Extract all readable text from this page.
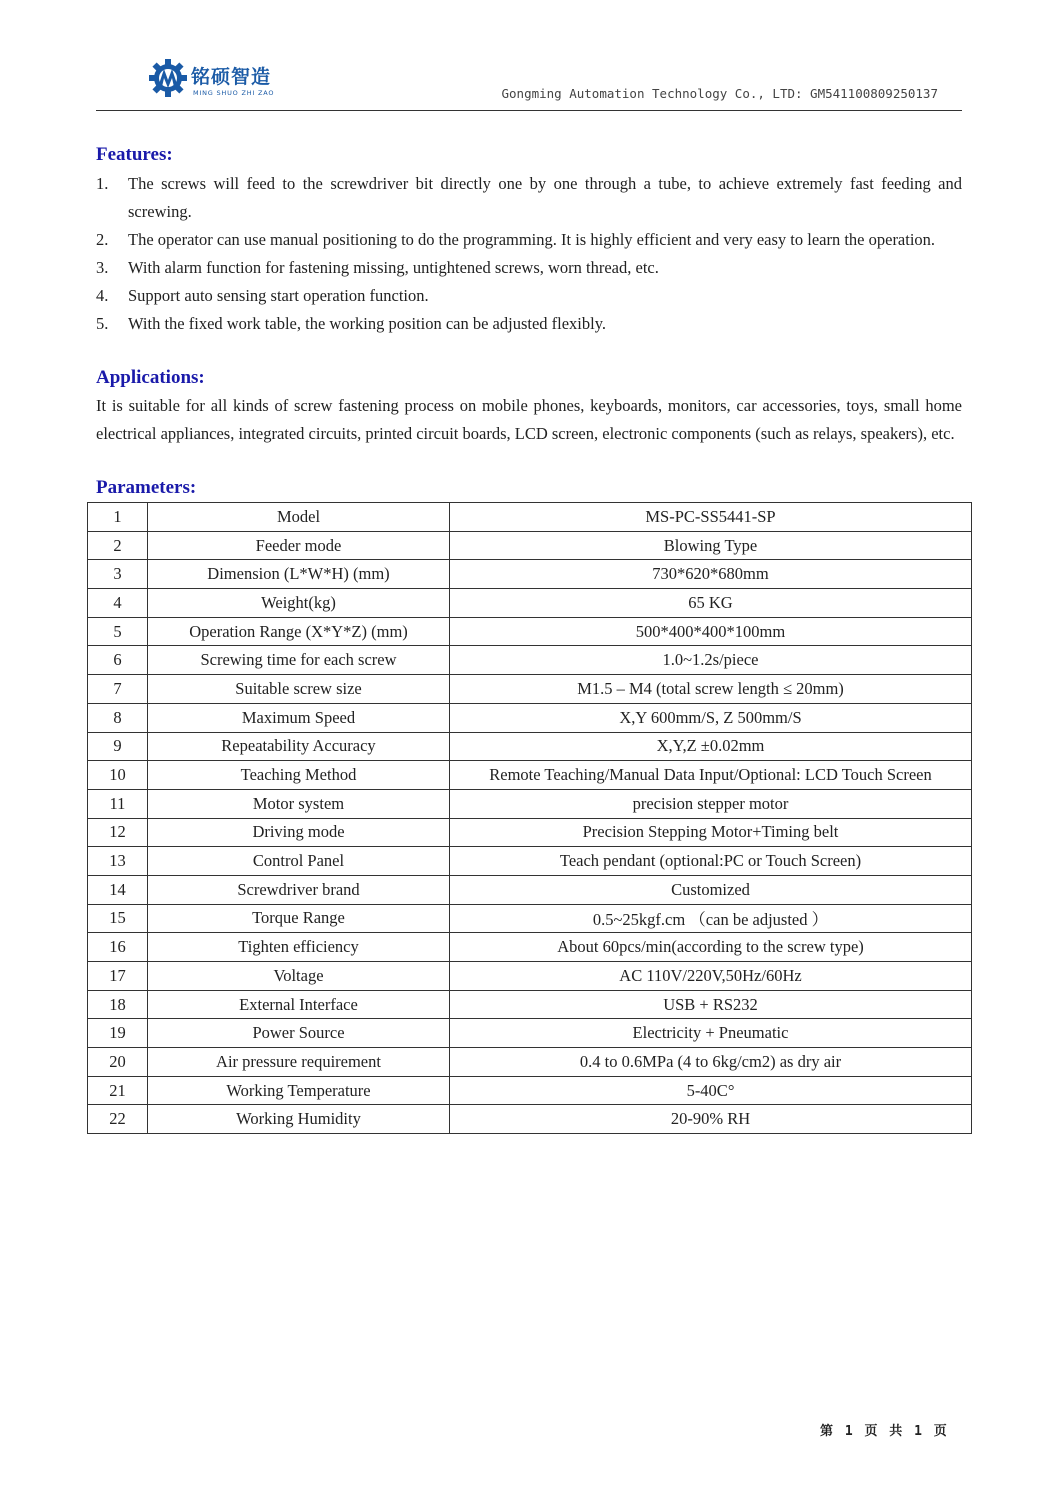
铭硕智造
MING SHUO ZHI ZAO	Gongming Automation Technology Co., LTD: GM541100809250137
Features:
1. The screws will feed to the screwdriver bit directly one by one through a tube, to achieve extremely fast feeding and screwing.
2. The operator can use manual positioning to do the programming. It is highly efficient and very easy to learn the operation.
3. With alarm function for fastening missing, untightened screws, worn thread, etc.
4. Support auto sensing start operation function.
5. With the fixed work table, the working position can be adjusted flexibly.
Applications:

It is suitable for all kinds of screw fastening process on mobile phones, keyboards, monitors, car accessories, toys, small home electrical appliances, integrated circuits, printed circuit boards, LCD screen, electronic components (such as relays, speakers), etc.

Parameters:
1	Model	MS-PC-SS5441-SP
2	Feeder mode	Blowing Type
3	Dimension (L*W*H) (mm)	730*620*680mm
4	Weight(kg)	65 KG
5	Operation Range (X*Y*Z) (mm)	500*400*400*100mm
6	Screwing time for each screw	1.0~1.2s/piece
7	Suitable screw size	M1.5 – M4 (total screw length ≤ 20mm)
8	Maximum Speed	X,Y 600mm/S, Z 500mm/S
9	Repeatability Accuracy	X,Y,Z ±0.02mm
10	Teaching Method	Remote Teaching/Manual Data Input/Optional: LCD Touch Screen
11	Motor system	precision stepper motor
12	Driving mode	Precision Stepping Motor+Timing belt
13	Control Panel	Teach pendant (optional:PC or Touch Screen)
14	Screwdriver brand	Customized
15	Torque Range	0.5~25kgf.cm （can be adjusted ）
16	Tighten efficiency	About 60pcs/min(according to the screw type)
17	Voltage	AC 110V/220V,50Hz/60Hz
18	External Interface	USB + RS232
19	Power Source	Electricity + Pneumatic
20	Air pressure requirement	0.4 to 0.6MPa (4 to 6kg/cm2) as dry air
21	Working Temperature	5-40C°
22	Working Humidity	20-90% RH
第 1 页 共 1 页
